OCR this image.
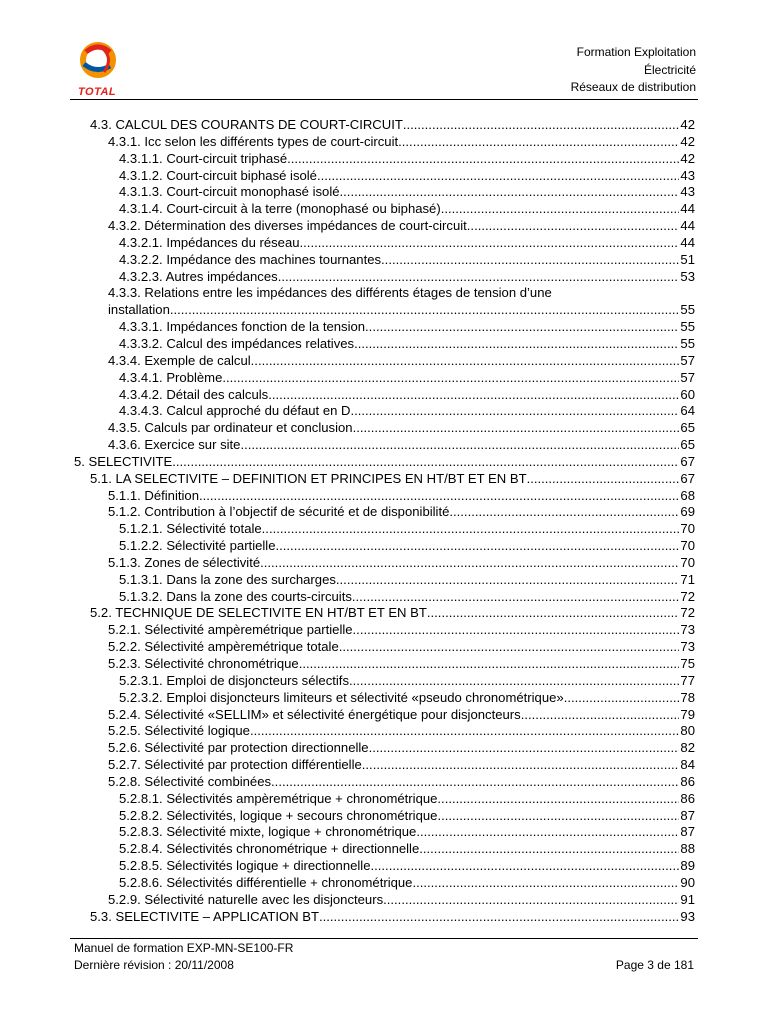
TOTAL
Formation Exploitation
Électricité
Réseaux de distribution
4.3. CALCUL DES COURANTS DE COURT-CIRCUIT .....	42
4.3.1. Icc selon les différents types de court-circuit .....	42
4.3.1.1. Court-circuit triphasé .....	42
4.3.1.2. Court-circuit biphasé isolé .....	43
4.3.1.3. Court-circuit monophasé isolé .....	43
4.3.1.4. Court-circuit à la terre (monophasé ou biphasé) .....	44
4.3.2. Détermination des diverses impédances de court-circuit .....	44
4.3.2.1. Impédances du réseau .....	44
4.3.2.2. Impédance des machines tournantes .....	51
4.3.2.3. Autres impédances .....	53
4.3.3. Relations entre les impédances des différents étages de tension d’une
installation .....	55
4.3.3.1. Impédances fonction de la tension .....	55
4.3.3.2. Calcul des impédances relatives .....	55
4.3.4. Exemple de calcul .....	57
4.3.4.1. Problème .....	57
4.3.4.2. Détail des calculs .....	60
4.3.4.3. Calcul approché du défaut en D .....	64
4.3.5. Calculs par ordinateur et conclusion .....	65
4.3.6. Exercice sur site .....	65
5. SELECTIVITE .....	67
5.1. LA SELECTIVITE – DEFINITION ET PRINCIPES EN HT/BT ET EN BT .....	67
5.1.1. Définition .....	68
5.1.2. Contribution à l’objectif de sécurité et de disponibilité .....	69
5.1.2.1. Sélectivité totale .....	70
5.1.2.2. Sélectivité partielle .....	70
5.1.3. Zones de sélectivité .....	70
5.1.3.1. Dans la zone des surcharges .....	71
5.1.3.2. Dans la zone des courts-circuits .....	72
5.2. TECHNIQUE DE SELECTIVITE EN HT/BT ET EN BT .....	72
5.2.1. Sélectivité ampèremétrique partielle .....	73
5.2.2. Sélectivité ampèremétrique totale .....	73
5.2.3. Sélectivité chronométrique .....	75
5.2.3.1. Emploi de disjoncteurs sélectifs .....	77
5.2.3.2. Emploi disjoncteurs limiteurs et sélectivité «pseudo chronométrique» .....	78
5.2.4. Sélectivité «SELLIM» et sélectivité énergétique pour disjoncteurs .....	79
5.2.5. Sélectivité logique .....	80
5.2.6. Sélectivité par protection directionnelle .....	82
5.2.7. Sélectivité par protection différentielle .....	84
5.2.8. Sélectivité combinées .....	86
5.2.8.1. Sélectivités ampèremétrique + chronométrique .....	86
5.2.8.2. Sélectivités, logique + secours chronométrique .....	87
5.2.8.3. Sélectivité mixte, logique + chronométrique .....	87
5.2.8.4. Sélectivités chronométrique + directionnelle .....	88
5.2.8.5. Sélectivités logique + directionnelle .....	89
5.2.8.6. Sélectivités différentielle + chronométrique .....	90
5.2.9. Sélectivité naturelle avec les disjoncteurs .....	91
5.3. SELECTIVITE – APPLICATION BT .....	93
Manuel de formation EXP-MN-SE100-FR
Dernière révision : 20/11/2008	Page 3 de 181
